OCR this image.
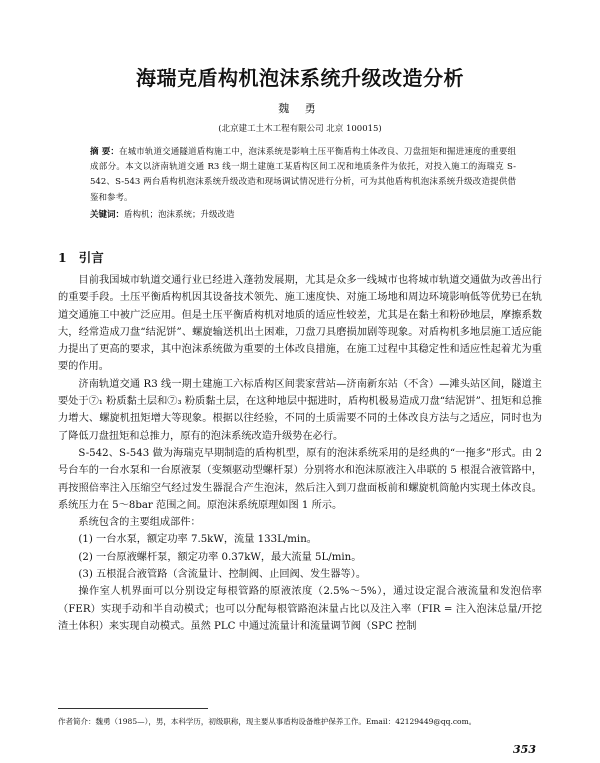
海瑞克盾构机泡沫系统升级改造分析
魏 勇
(北京建工土木工程有限公司 北京 100015)
摘 要：在城市轨道交通隧道盾构施工中，泡沫系统是影响土压平衡盾构土体改良、刀盘扭矩和掘进速度的重要组成部分。本文以济南轨道交通 R3 线一期土建施工某盾构区间工况和地质条件为依托，对投入施工的海瑞克 S-542、S-543 两台盾构机泡沫系统升级改造和现场调试情况进行分析，可为其他盾构机泡沫系统升级改造提供借鉴和参考。
关键词：盾构机；泡沫系统；升级改造
1 引言

目前我国城市轨道交通行业已经进入蓬勃发展期，尤其是众多一线城市也将城市轨道交通做为改善出行的重要手段。土压平衡盾构机因其设备技术领先、施工速度快、对施工场地和周边环境影响低等优势已在轨道交通施工中被广泛应用。但是土压平衡盾构机对地质的适应性较差，尤其是在黏土和粉砂地层，摩擦系数大，经常造成刀盘“结泥饼”、螺旋输送机出土困难，刀盘刀具磨损加剧等现象。对盾构机多地层施工适应能力提出了更高的要求，其中泡沫系统做为重要的土体改良措施，在施工过程中其稳定性和适应性起着尤为重要的作用。

济南轨道交通 R3 线一期土建施工六标盾构区间裴家营站—济南新东站（不含）—滩头站区间，隧道主要处于⑦₁ 粉质黏土层和⑦₃ 粉质黏土层，在这种地层中掘进时，盾构机极易造成刀盘“结泥饼”、扭矩和总推力增大、螺旋机扭矩增大等现象。根据以往经验，不同的土质需要不同的土体改良方法与之适应，同时也为了降低刀盘扭矩和总推力，原有的泡沫系统改造升级势在必行。

S-542、S-543 做为海瑞克早期制造的盾构机型，原有的泡沫系统采用的是经典的“一拖多”形式。由 2 号台车的一台水泵和一台原液泵（变频驱动型螺杆泵）分别将水和泡沫原液注入串联的 5 根混合液管路中，再按照倍率注入压缩空气经过发生器混合产生泡沫，然后注入到刀盘面板前和螺旋机筒舱内实现土体改良。系统压力在 5～8bar 范围之间。原泡沫系统原理如图 1 所示。

系统包含的主要组成部件：

(1) 一台水泵，额定功率 7.5kW，流量 133L/min。

(2) 一台原液螺杆泵，额定功率 0.37kW，最大流量 5L/min。

(3) 五根混合液管路（含流量计、控制阀、止回阀、发生器等）。

操作室人机界面可以分别设定每根管路的原液浓度（2.5%～5%），通过设定混合液流量和发泡倍率（FER）实现手动和半自动模式；也可以分配每根管路泡沫量占比以及注入率（FIR = 注入泡沫总量/开挖渣土体积）来实现自动模式。虽然 PLC 中通过流量计和流量调节阀（SPC 控制

作者简介：魏勇（1985—），男，本科学历，初级职称，现主要从事盾构设备维护保养工作。Email：42129449@qq.com。
353
